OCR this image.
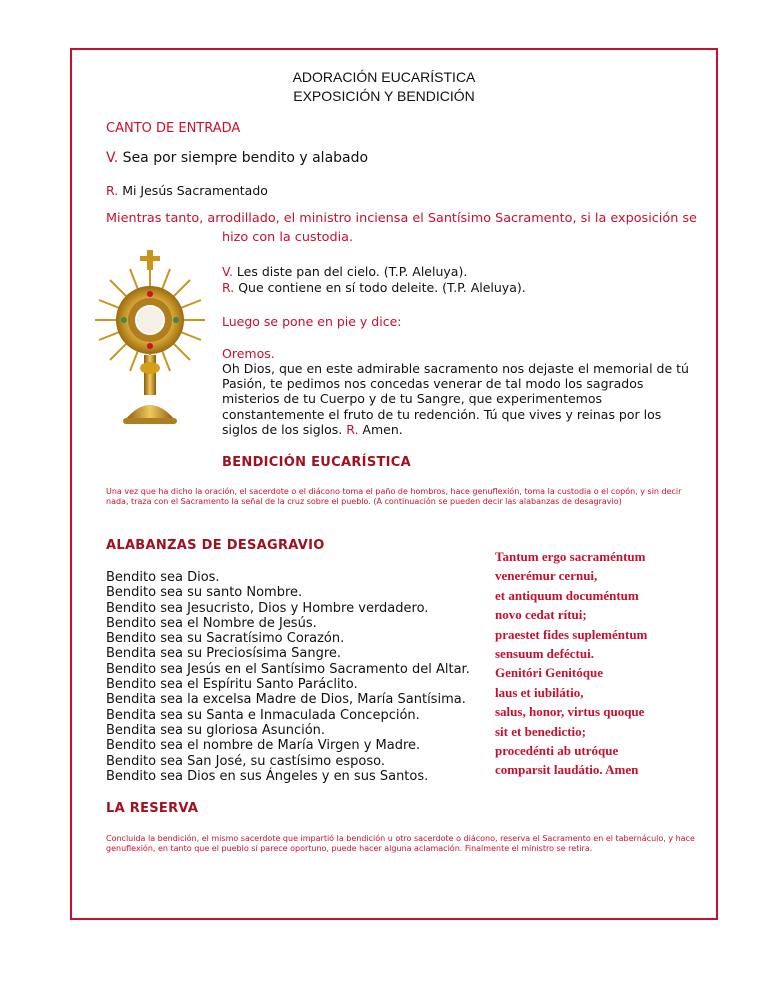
ADORACIÓN EUCARÍSTICA
EXPOSICIÓN Y BENDICIÓN
CANTO DE ENTRADA
V. Sea por siempre bendito y alabado
R. Mi Jesús Sacramentado
Mientras tanto, arrodillado, el ministro inciensa el Santísimo Sacramento, si la exposición se
hizo con la custodia.
V. Les diste pan del cielo. (T.P. Aleluya).
R. Que contiene en sí todo deleite. (T.P. Aleluya).
Luego se pone en pie y dice:
Oremos.
Oh Dios, que en este admirable sacramento nos dejaste el memorial de tú
Pasión, te pedimos nos concedas venerar de tal modo los sagrados
misterios de tu Cuerpo y de tu Sangre, que experimentemos
constantemente el fruto de tu redención. Tú que vives y reinas por los
siglos de los siglos. R. Amen.
BENDICIÓN EUCARÍSTICA
Una vez que ha dicho la oración, el sacerdote o el diácono toma el paño de hombros, hace genuflexión, toma la custodia o el copón, y sin decir nada, traza con el Sacramento la señal de la cruz sobre el pueblo. (A continuación se pueden decir las alabanzas de desagravio)
ALABANZAS DE DESAGRAVIO
Bendito sea Dios.
Bendito sea su santo Nombre.
Bendito sea Jesucristo, Dios y Hombre verdadero.
Bendito sea el Nombre de Jesús.
Bendito sea su Sacratísimo Corazón.
Bendita sea su Preciosísima Sangre.
Bendito sea Jesús en el Santísimo Sacramento del Altar.
Bendito sea el Espíritu Santo Paráclito.
Bendita sea la excelsa Madre de Dios, María Santísima.
Bendita sea su Santa e Inmaculada Concepción.
Bendita sea su gloriosa Asunción.
Bendito sea el nombre de María Virgen y Madre.
Bendito sea San José, su castísimo esposo.
Bendito sea Dios en sus Ángeles y en sus Santos.
Tantum ergo sacraméntum
venerémur cernui,
et antiquum documéntum
novo cedat rítui;
praestet fides supleméntum
sensuum deféctui.
Genitóri Genitóque
laus et iubilátio,
salus, honor, virtus quoque
sit et benedictio;
procedénti ab utróque
comparsit laudátio. Amen
LA RESERVA
Concluida la bendición, el mismo sacerdote que impartió la bendición u otro sacerdote o diácono, reserva el Sacramento en el tabernáculo, y hace genuflexión, en tanto que el pueblo si parece oportuno, puede hacer alguna aclamación. Finalmente el ministro se retira.
